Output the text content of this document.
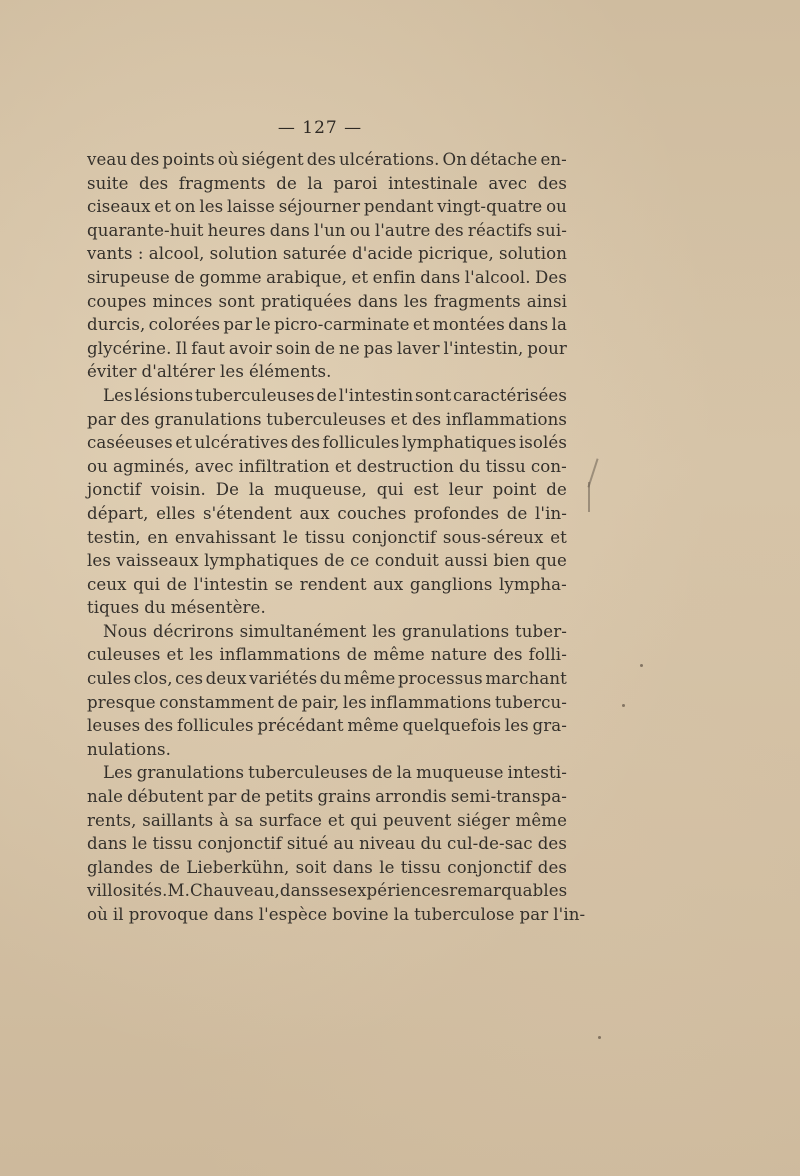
— 127 —
veau des points où siégent des ulcérations. On détache en-
suite des fragments de la paroi intestinale avec des
ciseaux et on les laisse séjourner pendant vingt-quatre ou
quarante-huit heures dans l'un ou l'autre des réactifs sui-
vants : alcool, solution saturée d'acide picrique, solution
sirupeuse de gomme arabique, et enfin dans l'alcool. Des
coupes minces sont pratiquées dans les fragments ainsi
durcis, colorées par le picro-carminate et montées dans la
glycérine. Il faut avoir soin de ne pas laver l'intestin, pour
éviter d'altérer les éléments.
Les lésions tuberculeuses de l'intestin sont caractérisées
par des granulations tuberculeuses et des inflammations
caséeuses et ulcératives des follicules lymphatiques isolés
ou agminés, avec infiltration et destruction du tissu con-
jonctif voisin. De la muqueuse, qui est leur point de
départ, elles s'étendent aux couches profondes de l'in-
testin, en envahissant le tissu conjonctif sous-séreux et
les vaisseaux lymphatiques de ce conduit aussi bien que
ceux qui de l'intestin se rendent aux ganglions lympha-
tiques du mésentère.
Nous décrirons simultanément les granulations tuber-
culeuses et les inflammations de même nature des folli-
cules clos, ces deux variétés du même processus marchant
presque constamment de pair, les inflammations tubercu-
leuses des follicules précédant même quelquefois les gra-
nulations.
Les granulations tuberculeuses de la muqueuse intesti-
nale débutent par de petits grains arrondis semi-transpa-
rents, saillants à sa surface et qui peuvent siéger même
dans le tissu conjonctif situé au niveau du cul-de-sac des
glandes de Lieberkühn, soit dans le tissu conjonctif des
villosités. M. Chauveau, dans ses expériences remarquables
où il provoque dans l'espèce bovine la tuberculose par l'in-
